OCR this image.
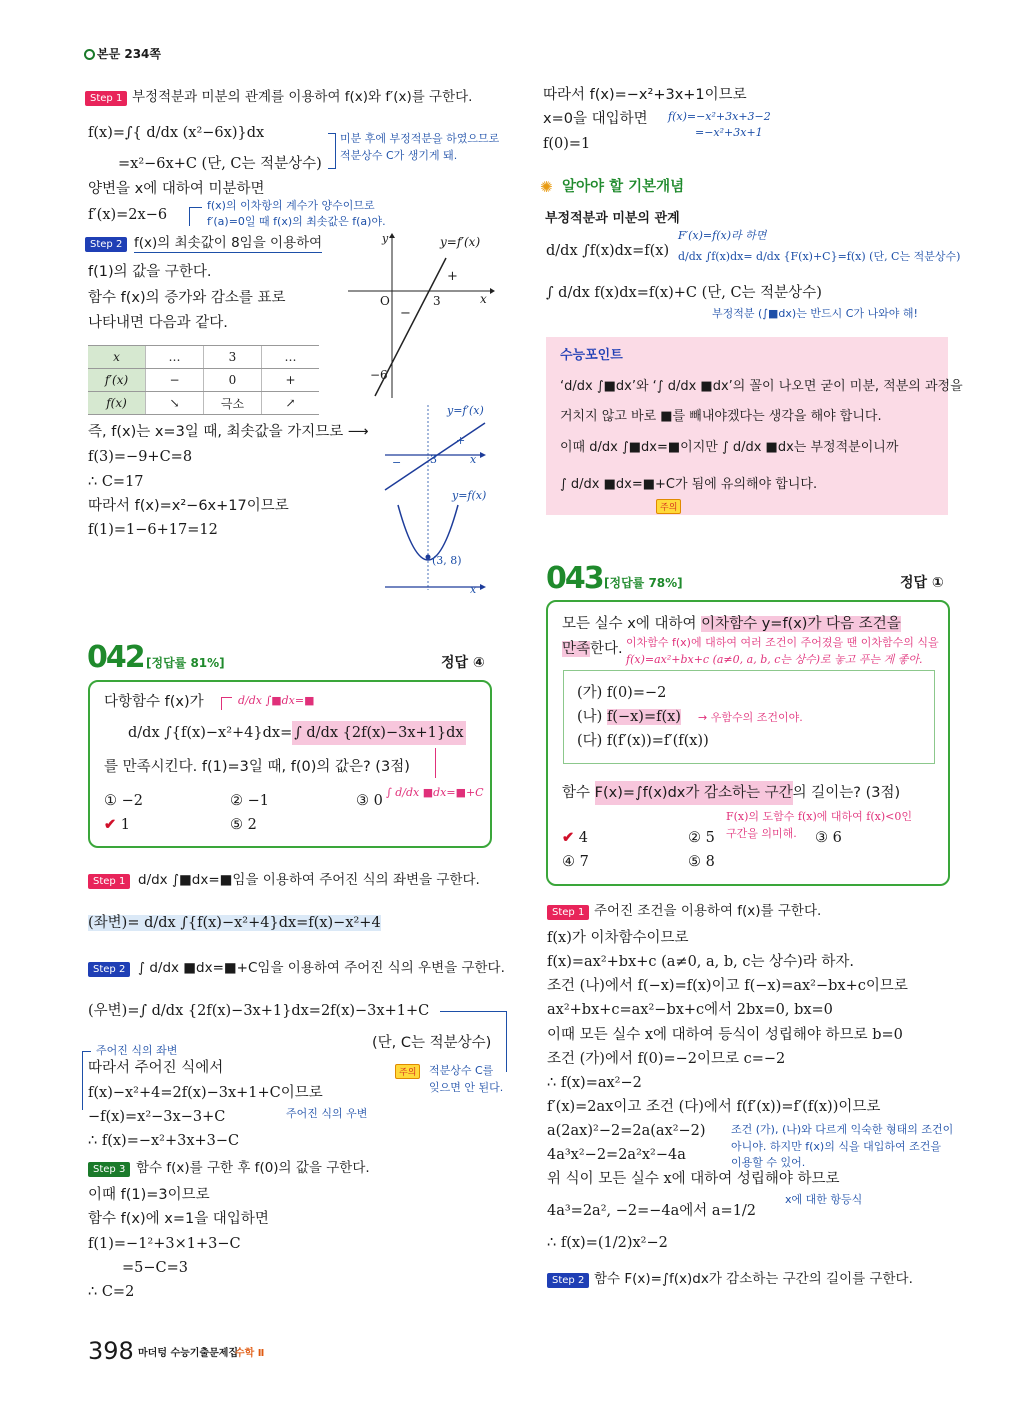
본문 234쪽
Step 1 부정적분과 미분의 관계를 이용하여 f(x)와 f′(x)를 구한다.
f(x)=∫{ d/dx (x²−6x)}dx
=x²−6x+C (단, C는 적분상수)
미분 후에 부정적분을 하였으므로
적분상수 C가 생기게 돼.
양변을 x에 대하여 미분하면
f′(x)=2x−6
f(x)의 이차항의 계수가 양수이므로
f′(a)=0일 때 f(x)의 최솟값은 f(a)야.
Step 2 f(x)의 최솟값이 8임을 이용하여
f(1)의 값을 구한다.
함수 f(x)의 증가와 감소를 표로
나타내면 다음과 같다.
y	y=f′(x)
+
O	3	x
−
−6
x	…	3	…
f′(x)	−	0	+
f(x)	↘	극소	↗
즉, f(x)는 x=3일 때, 최솟값을 가지므로 ⟶
f(3)=−9+C=8
∴ C=17
따라서 f(x)=x²−6x+17이므로
f(1)=1−6+17=12
y=f′(x)
+
−	3	x
y=f(x)
(3, 8)
x
042 [정답률 81%]	정답 ④
다항함수 f(x)가	d/dx ∫■dx=■
d/dx ∫{f(x)−x²+4}dx= ∫ d/dx {2f(x)−3x+1}dx
를 만족시킨다. f(1)=3일 때, f(0)의 값은? (3점)
∫ d/dx ■dx=■+C
① −2	② −1	③ 0
✔ 1	⑤ 2
Step 1 d/dx ∫■dx=■임을 이용하여 주어진 식의 좌변을 구한다.
(좌변)= d/dx ∫{f(x)−x²+4}dx=f(x)−x²+4
Step 2 ∫ d/dx ■dx=■+C임을 이용하여 주어진 식의 우변을 구한다.
(우변)=∫ d/dx {2f(x)−3x+1}dx=2f(x)−3x+1+C
(단, C는 적분상수)
주어진 식의 좌변
주의	적분상수 C를
잊으면 안 된다.
따라서 주어진 식에서
f(x)−x²+4=2f(x)−3x+1+C이므로
주어진 식의 우변
−f(x)=x²−3x−3+C
∴ f(x)=−x²+3x+3−C
Step 3 함수 f(x)를 구한 후 f(0)의 값을 구한다.
이때 f(1)=3이므로
함수 f(x)에 x=1을 대입하면
f(1)=−1²+3×1+3−C
=5−C=3
∴ C=2
398 마더텅 수능기출문제집
수학 Ⅱ
따라서 f(x)=−x²+3x+1이므로
x=0을 대입하면
f(0)=1
f(x)=−x²+3x+3−2
=−x²+3x+1
✺ 알아야 할 기본개념
부정적분과 미분의 관계
F′(x)=f(x)라 하면
d/dx ∫f(x)dx=f(x) d/dx ∫f(x)dx= d/dx {F(x)+C}=f(x) (단, C는 적분상수)
∫ d/dx f(x)dx=f(x)+C (단, C는 적분상수)
부정적분 (∫■dx)는 반드시 C가 나와야 해!
수능포인트
‘d/dx ∫■dx’와 ‘∫ d/dx ■dx’의 꼴이 나오면 굳이 미분, 적분의 과정을
거치지 않고 바로 ■를 빼내야겠다는 생각을 해야 합니다.
이때 d/dx ∫■dx=■이지만 ∫ d/dx ■dx는 부정적분이니까
∫ d/dx ■dx=■+C가 됨에 유의해야 합니다.
주의
043 [정답률 78%]	정답 ①
모든 실수 x에 대하여 이차함수 y=f(x)가 다음 조건을
만족한다. 이차함수 f(x)에 대하여 여러 조건이 주어졌을 땐 이차함수의 식을
f(x)=ax²+bx+c (a≠0, a, b, c는 상수)로 놓고 푸는 게 좋아.
(가) f(0)=−2
(나) f(−x)=f(x) → 우함수의 조건이야.
(다) f(f′(x))=f′(f(x))
함수 F(x)=∫f(x)dx가 감소하는 구간의 길이는? (3점)
F(x)의 도함수 f(x)에 대하여 f(x)<0인
구간을 의미해.
✔ 4	② 5	③ 6
④ 7	⑤ 8
Step 1 주어진 조건을 이용하여 f(x)를 구한다.
f(x)가 이차함수이므로
f(x)=ax²+bx+c (a≠0, a, b, c는 상수)라 하자.
조건 (나)에서 f(−x)=f(x)이고 f(−x)=ax²−bx+c이므로
ax²+bx+c=ax²−bx+c에서 2bx=0, bx=0
이때 모든 실수 x에 대하여 등식이 성립해야 하므로 b=0
조건 (가)에서 f(0)=−2이므로 c=−2
∴ f(x)=ax²−2
f′(x)=2ax이고 조건 (다)에서 f(f′(x))=f′(f(x))이므로
a(2ax)²−2=2a(ax²−2)
4a³x²−2=2a²x²−4a
위 식이 모든 실수 x에 대하여 성립해야 하므로
4a³=2a², −2=−4a에서 a=1/2
∴ f(x)=(1/2)x²−2
조건 (가), (나)와 다르게 익숙한 형태의 조건이
아니야. 하지만 f(x)의 식을 대입하여 조건을
이용할 수 있어.
x에 대한 항등식
Step 2 함수 F(x)=∫f(x)dx가 감소하는 구간의 길이를 구한다.
